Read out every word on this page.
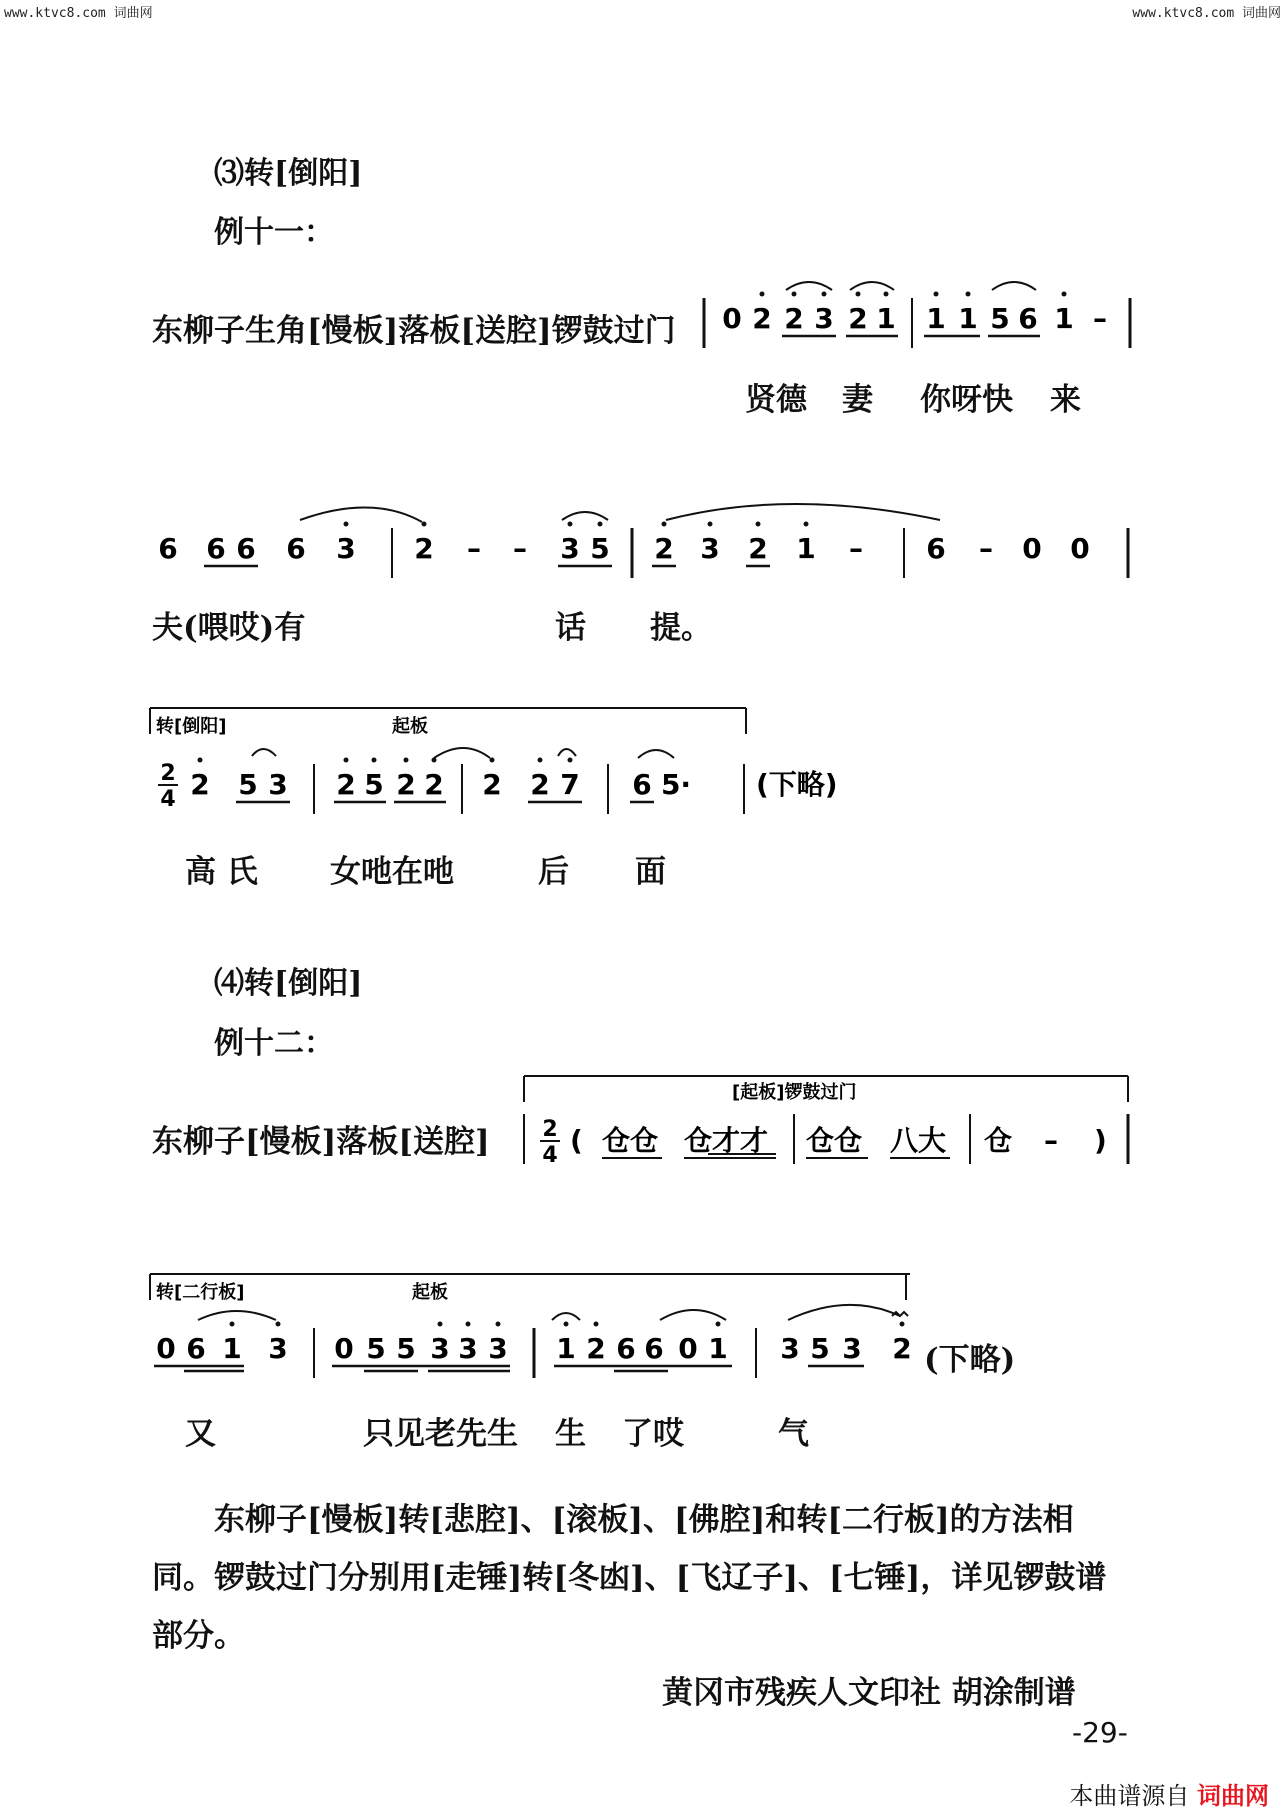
www.ktvc8.com 词曲网	www.ktvc8.com 词曲网
⑶转[倒阳]
例十一：
东柳子生角[慢板]落板[送腔]锣鼓过门 0 2 2 3 2 1 1 1 5 6 1 –
贤德 妻 你呀快 来
6 6 6 6 3 2 – – 3 5 2 3 2 1 – 6 – 0 0
夫(喂哎)有	话 提。
转[倒阳]	起板
2
4 2 5 3 2 5 2 2 2 2 7 6 5· (下略)
高 氏 女吔在吔	后 面
⑷转[倒阳]
例十二：
东柳子[慢板]落板[送腔]
[起板]锣鼓过门
2
4 ( 仓仓 仓才才 仓仓 八大 仓 – )
转[二行板]	起板
0 6 1 3 0 5 5 3 3 3 1 2 6 6 0 1 3 5 3 2 (下略)
又	只见老先生 生 了哎	气
东柳子[慢板]转[悲腔]、[滚板]、[佛腔]和转[二行板]的方法相
同。锣鼓过门分别用[走锤]转[冬凼]、[飞辽子]、[七锤]，详见锣鼓谱
部分。
黄冈市残疾人文印社 胡涂制谱
-29-
本曲谱源自 词曲网
